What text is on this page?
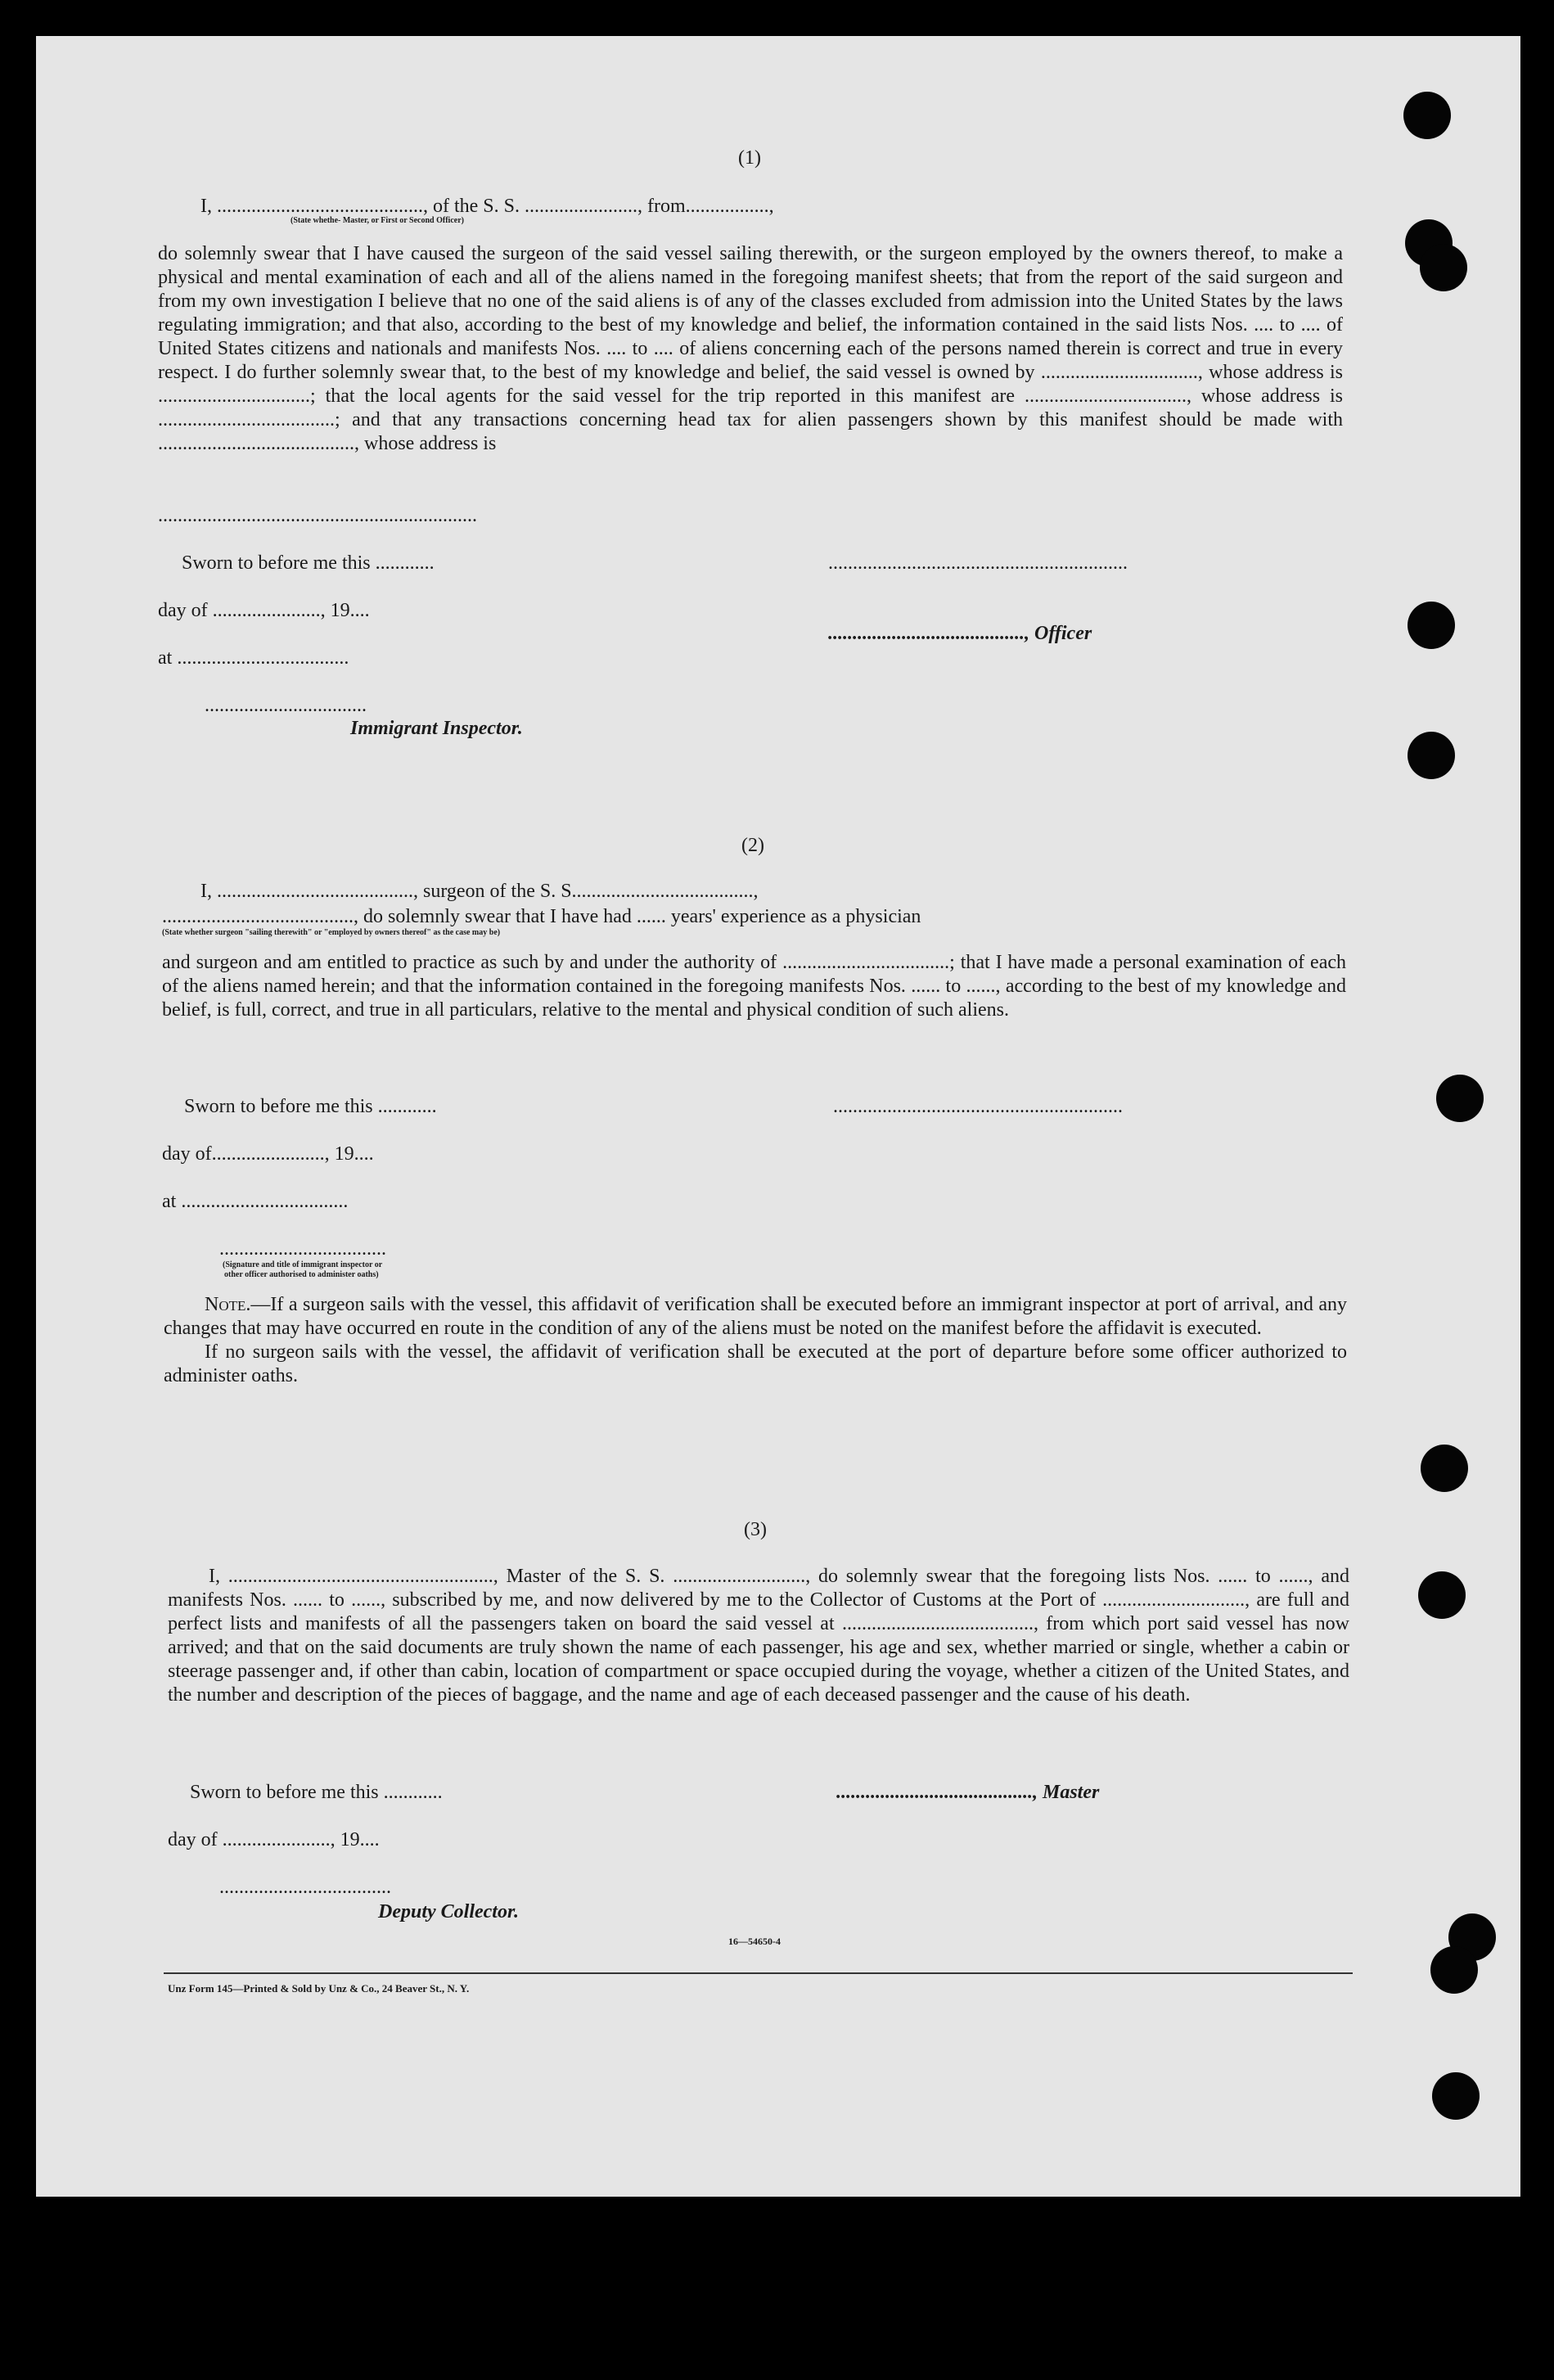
(1)
I, .........................................., of the S. S. ......................., from.................,
(State whethe- Master, or First or Second Officer)

do solemnly swear that I have caused the surgeon of the said vessel sailing therewith, or the surgeon employed by the owners thereof, to make a physical and mental examination of each and all of the aliens named in the foregoing manifest sheets; that from the report of the said surgeon and from my own investigation I believe that no one of the said aliens is of any of the classes excluded from admission into the United States by the laws regulating immigration; and that also, according to the best of my knowledge and belief, the information contained in the said lists Nos. .... to .... of United States citizens and nationals and manifests Nos. .... to .... of aliens concerning each of the persons named therein is correct and true in every respect. I do further solemnly swear that, to the best of my knowledge and belief, the said vessel is owned by ................................, whose address is ...............................; that the local agents for the said vessel for the trip reported in this manifest are ................................., whose address is ....................................; and that any transactions concerning head tax for alien passengers shown by this manifest should be made with ........................................, whose address is

.................................................................
Sworn to before me this ............	.............................................................
day of ......................, 19....
........................................, Officer
at ...................................
.................................
Immigrant Inspector.
(2)
I, ........................................, surgeon of the S. S.....................................,
......................................., do solemnly swear that I have had ...... years' experience as a physician
(State whether surgeon "sailing therewith" or "employed by owners thereof" as the case may be)

and surgeon and am entitled to practice as such by and under the authority of ..................................; that I have made a personal examination of each of the aliens named herein; and that the information contained in the foregoing manifests Nos. ...... to ......, according to the best of my knowledge and belief, is full, correct, and true in all particulars, relative to the mental and physical condition of such aliens.

Sworn to before me this ............	...........................................................
day of......................., 19....
at ..................................
..................................
(Signature and title of immigrant inspector or
other officer authorised to administer oaths)

Note.—If a surgeon sails with the vessel, this affidavit of verification shall be executed before an immigrant inspector at port of arrival, and any changes that may have occurred en route in the condition of any of the aliens must be noted on the manifest before the affidavit is executed.

If no surgeon sails with the vessel, the affidavit of verification shall be executed at the port of departure before some officer authorized to administer oaths.

(3)

I, ......................................................, Master of the S. S. ..........................., do solemnly swear that the foregoing lists Nos. ...... to ......, and manifests Nos. ...... to ......, subscribed by me, and now delivered by me to the Collector of Customs at the Port of ............................., are full and perfect lists and manifests of all the passengers taken on board the said vessel at ......................................., from which port said vessel has now arrived; and that on the said documents are truly shown the name of each passenger, his age and sex, whether married or single, whether a cabin or steerage passenger and, if other than cabin, location of compartment or space occupied during the voyage, whether a citizen of the United States, and the number and description of the pieces of baggage, and the name and age of each deceased passenger and the cause of his death.

Sworn to before me this ............	........................................, Master
day of ......................, 19....
...................................
Deputy Collector.
16—54650-4
Unz Form 145—Printed & Sold by Unz & Co., 24 Beaver St., N. Y.
